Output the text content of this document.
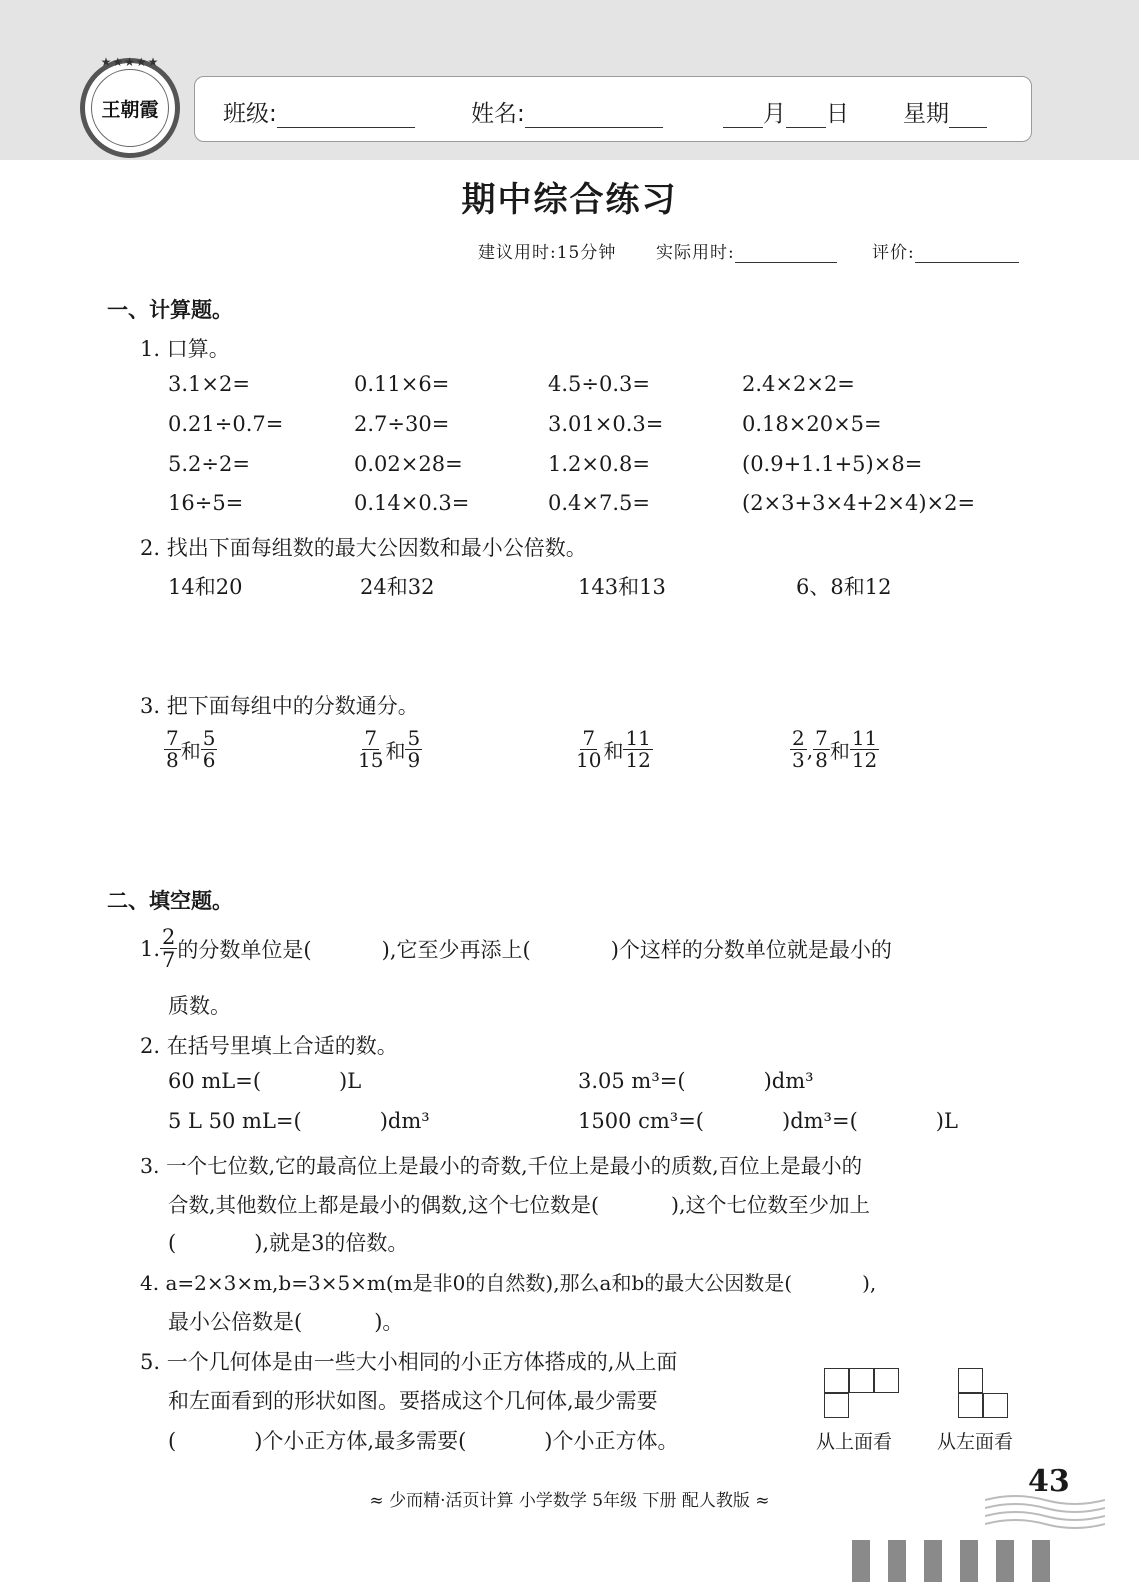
★★★★★
王朝霞	班级:	姓名:	月 日 星期
期中综合练习
建议用时:15分钟 实际用时:	评价:
一、计算题。
1. 口算。
3.1×2=	0.11×6=	4.5÷0.3=	2.4×2×2=
0.21÷0.7=	2.7÷30=	3.01×0.3=	0.18×20×5=
5.2÷2=	0.02×28=	1.2×0.8=	(0.9+1.1+5)×8=
16÷5=	0.14×0.3=	0.4×7.5=	(2×3+3×4+2×4)×2=
2. 找出下面每组数的最大公因数和最小公倍数。
14和20	24和32	143和13	6、8和12
3. 把下面每组中的分数通分。
$\frac{7}{8}$ 和 $\frac{5}{6}$	$\frac{7}{15}$ 和 $\frac{5}{9}$	$\frac{7}{10}$ 和 $\frac{11}{12}$	$\frac{2}{3}$ , $\frac{7}{8}$ 和 $\frac{11}{12}$
二、填空题。
1. $\frac{2}{7}$ 的分数单位是(	),它至少再添上(	)个这样的分数单位就是最小的
质数。
2. 在括号里填上合适的数。
60 mL=(	)L	3.05 m³=(	)dm³
5 L 50 mL=(	)dm³	1500 cm³=(	)dm³=(	)L
3. 一个七位数,它的最高位上是最小的奇数,千位上是最小的质数,百位上是最小的
合数,其他数位上都是最小的偶数,这个七位数是(	),这个七位数至少加上
(	),就是3的倍数。
4. a=2×3×m,b=3×5×m(m是非0的自然数),那么a和b的最大公因数是(	),
最小公倍数是(	)。
5. 一个几何体是由一些大小相同的小正方体搭成的,从上面
和左面看到的形状如图。要搭成这个几何体,最少需要
(	)个小正方体,最多需要(	)个小正方体。	从上面看 从左面看
≈ 少而精·活页计算 小学数学 5年级 下册 配人教版 ≈
43
